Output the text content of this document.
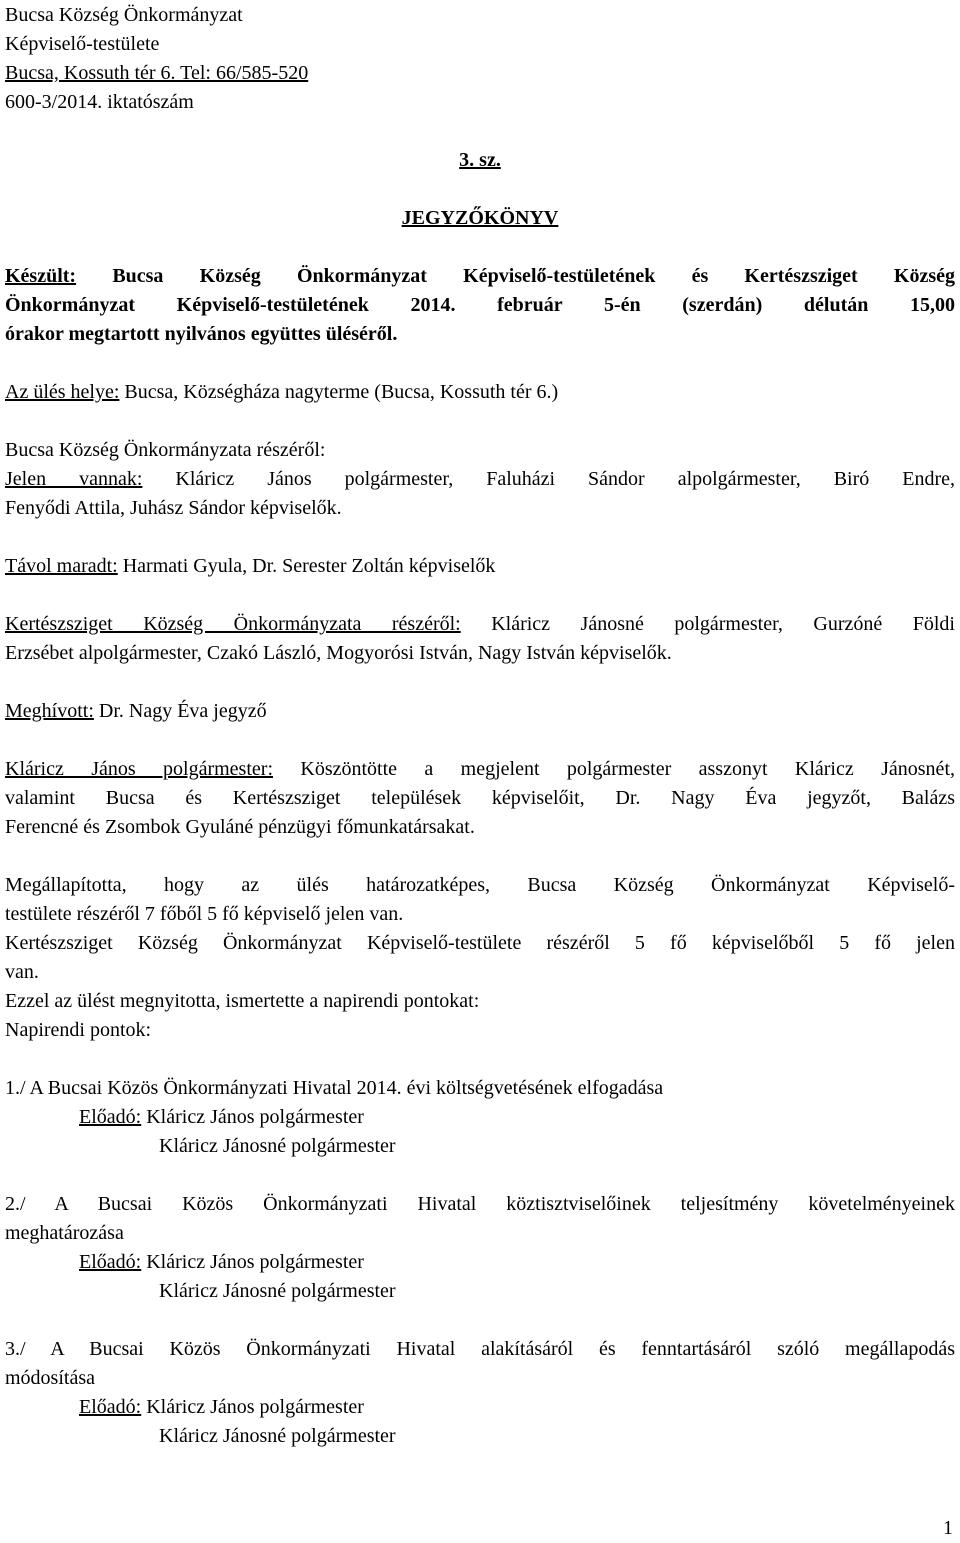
Bucsa Község Önkormányzat
Képviselő-testülete
Bucsa, Kossuth tér 6. Tel: 66/585-520
600-3/2014. iktatószám
3. sz.
JEGYZŐKÖNYV
Készült: Bucsa Község Önkormányzat Képviselő-testületének és Kertészsziget Község
Önkormányzat Képviselő-testületének 2014. február 5-én (szerdán) délután 15,00
órakor megtartott nyilvános együttes üléséről.
Az ülés helye: Bucsa, Községháza nagyterme (Bucsa, Kossuth tér 6.)
Bucsa Község Önkormányzata részéről:
Jelen vannak: Kláricz János polgármester, Faluházi Sándor alpolgármester, Biró Endre,
Fenyődi Attila, Juhász Sándor képviselők.
Távol maradt: Harmati Gyula, Dr. Serester Zoltán képviselők
Kertészsziget Község Önkormányzata részéről: Kláricz Jánosné polgármester, Gurzóné Földi
Erzsébet alpolgármester, Czakó László, Mogyorósi István, Nagy István képviselők.
Meghívott: Dr. Nagy Éva jegyző
Kláricz János polgármester: Köszöntötte a megjelent polgármester asszonyt Kláricz Jánosnét,
valamint Bucsa és Kertészsziget települések képviselőit, Dr. Nagy Éva jegyzőt, Balázs
Ferencné és Zsombok Gyuláné pénzügyi főmunkatársakat.
Megállapította, hogy az ülés határozatképes, Bucsa Község Önkormányzat Képviselő-
testülete részéről 7 főből 5 fő képviselő jelen van.
Kertészsziget Község Önkormányzat Képviselő-testülete részéről 5 fő képviselőből 5 fő jelen
van.
Ezzel az ülést megnyitotta, ismertette a napirendi pontokat:
Napirendi pontok:
1./ A Bucsai Közös Önkormányzati Hivatal 2014. évi költségvetésének elfogadása
Előadó: Kláricz János polgármester
Kláricz Jánosné polgármester
2./ A Bucsai Közös Önkormányzati Hivatal köztisztviselőinek teljesítmény követelményeinek
meghatározása
Előadó: Kláricz János polgármester
Kláricz Jánosné polgármester
3./ A Bucsai Közös Önkormányzati Hivatal alakításáról és fenntartásáról szóló megállapodás
módosítása
Előadó: Kláricz János polgármester
Kláricz Jánosné polgármester
1
